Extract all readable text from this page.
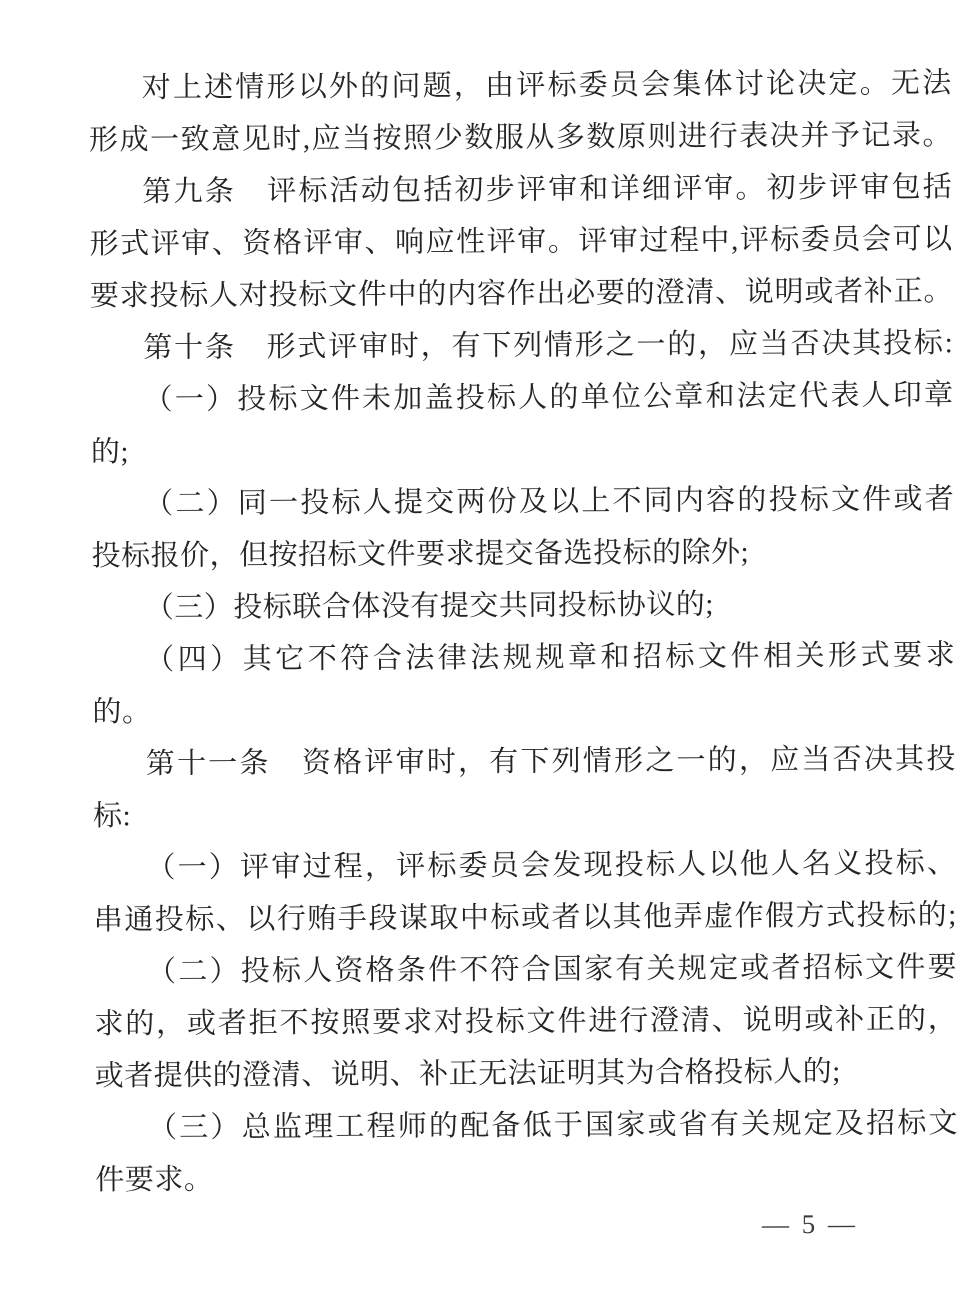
对上述情形以外的问题，由评标委员会集体讨论决定。无法

形成一致意见时,应当按照少数服从多数原则进行表决并予记录。

第九条　评标活动包括初步评审和详细评审。初步评审包括

形式评审、资格评审、响应性评审。评审过程中,评标委员会可以

要求投标人对投标文件中的内容作出必要的澄清、说明或者补正。

第十条　形式评审时，有下列情形之一的，应当否决其投标:

（一）投标文件未加盖投标人的单位公章和法定代表人印章

的;

（二）同一投标人提交两份及以上不同内容的投标文件或者

投标报价，但按招标文件要求提交备选投标的除外;

（三）投标联合体没有提交共同投标协议的;

（四）其它不符合法律法规规章和招标文件相关形式要求

的。

第十一条　资格评审时，有下列情形之一的，应当否决其投

标:

（一）评审过程，评标委员会发现投标人以他人名义投标、

串通投标、以行贿手段谋取中标或者以其他弄虚作假方式投标的;

（二）投标人资格条件不符合国家有关规定或者招标文件要

求的，或者拒不按照要求对投标文件进行澄清、说明或补正的，

或者提供的澄清、说明、补正无法证明其为合格投标人的;

（三）总监理工程师的配备低于国家或省有关规定及招标文

件要求。

— 5 —
